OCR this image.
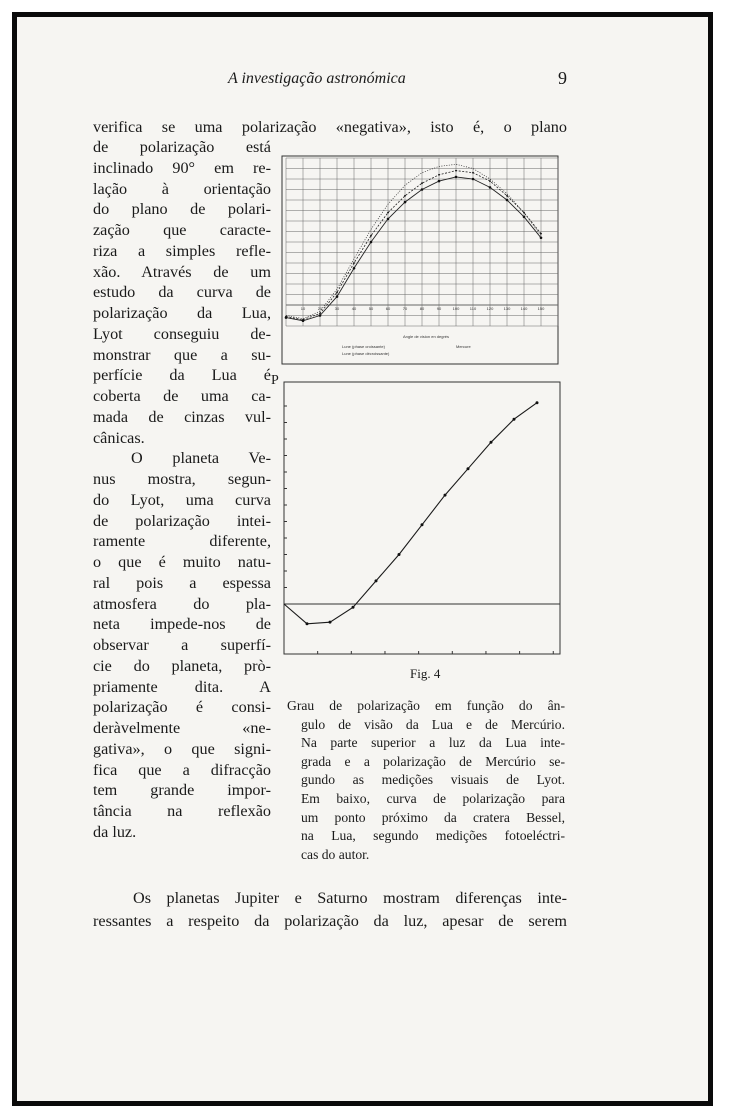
A investigação astronómica	9
verifica se uma polarização «negativa», isto é, o plano
de polarização está
inclinado 90° em re-
lação à orientação
do plano de polari-
zação que caracte-
riza a simples refle-
xão. Através de um
estudo da curva de
polarização da Lua,
Lyot conseguiu de-
monstrar que a su-
perfície da Lua é
coberta de uma ca-
mada de cinzas vul-
cânicas.
O planeta Ve-
nus mostra, segun-
do Lyot, uma curva
de polarização intei-
ramente diferente,
o que é muito natu-
ral pois a espessa
atmosfera do pla-
neta impede-nos de
observar a superfí-
cie do planeta, prò-
priamente dita. A
polarização é consi-
deràvelmente «ne-
gativa», o que signi-
fica que a difracção
tem grande impor-
tância na reflexão
da luz.
10	20	30	40	50	60	70	80	90	100	110	120	130	140	150
Angle de vision en degrés
Lune (phase croissante)
Lune (phase décroissante)
Mercure
P
Fig. 4
Grau de polarização em função do ân-
gulo de visão da Lua e de Mercúrio.
Na parte superior a luz da Lua inte-
grada e a polarização de Mercúrio se-
gundo as medições visuais de Lyot.
Em baixo, curva de polarização para
um ponto próximo da cratera Bessel,
na Lua, segundo medições fotoeléctri-
cas do autor.
Os planetas Jupiter e Saturno mostram diferenças inte-
ressantes a respeito da polarização da luz, apesar de serem
